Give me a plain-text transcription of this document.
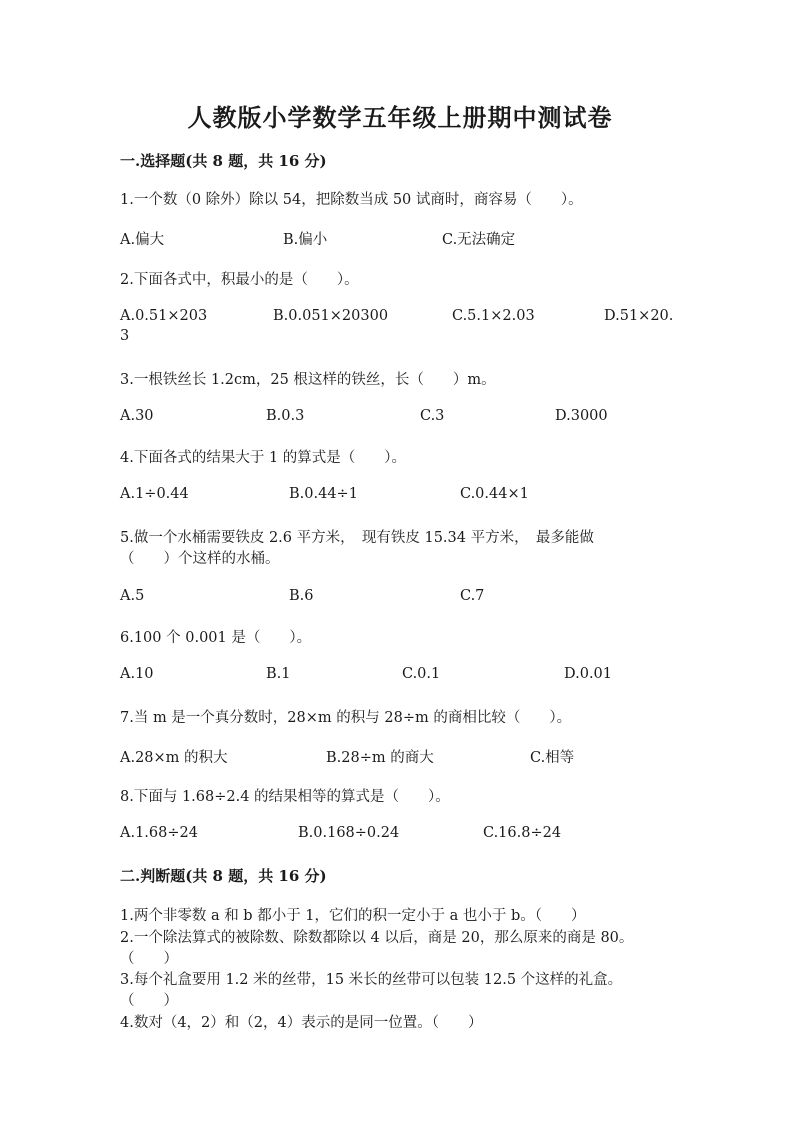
人教版小学数学五年级上册期中测试卷
一.选择题(共 8 题，共 16 分)
1.一个数（0 除外）除以 54，把除数当成 50 试商时，商容易（　　）。
A.偏大	B.偏小	C.无法确定
2.下面各式中，积最小的是（　　）。
A.0.51×203	B.0.051×20300	C.5.1×2.03	D.51×20.
3
3.一根铁丝长 1.2cm，25 根这样的铁丝，长（　　）m。
A.30	B.0.3	C.3	D.3000
4.下面各式的结果大于 1 的算式是（　　）。
A.1÷0.44	B.0.44÷1	C.0.44×1
5.做一个水桶需要铁皮 2.6 平方米，　现有铁皮 15.34 平方米，　最多能做
（　　）个这样的水桶。
A.5	B.6	C.7
6.100 个 0.001 是（　　）。
A.10	B.1	C.0.1	D.0.01
7.当 m 是一个真分数时，28×m 的积与 28÷m 的商相比较（　　）。
A.28×m 的积大	B.28÷m 的商大	C.相等
8.下面与 1.68÷2.4 的结果相等的算式是（　　）。
A.1.68÷24	B.0.168÷0.24	C.16.8÷24
二.判断题(共 8 题，共 16 分)
1.两个非零数 a 和 b 都小于 1，它们的积一定小于 a 也小于 b。（　　）
2.一个除法算式的被除数、除数都除以 4 以后，商是 20，那么原来的商是 80。
（　　）
3.每个礼盒要用 1.2 米的丝带，15 米长的丝带可以包装 12.5 个这样的礼盒。
（　　）
4.数对（4，2）和（2，4）表示的是同一位置。（　　）
